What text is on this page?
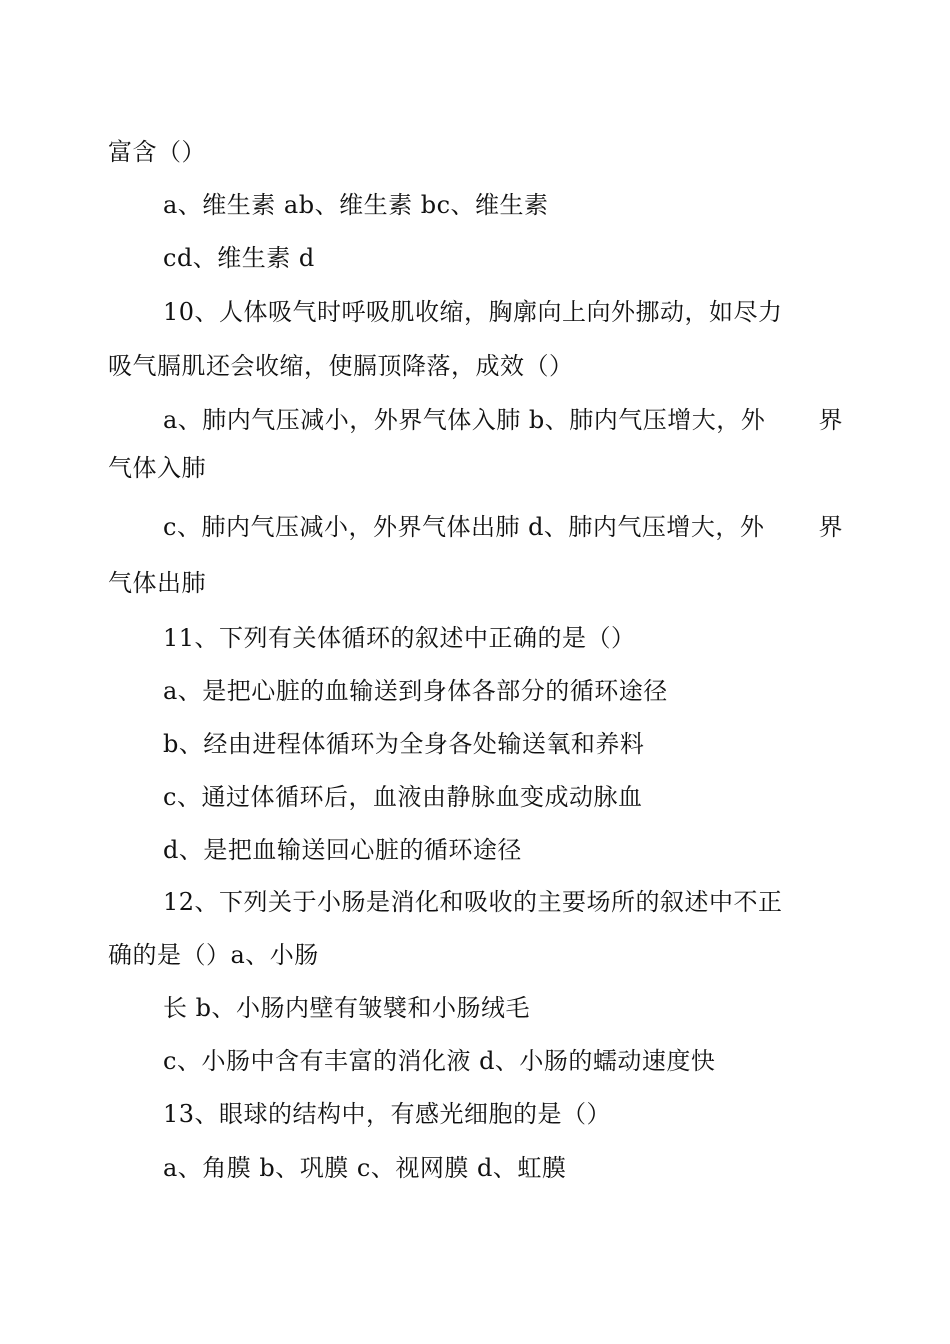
富含（）
a、维生素 ab、维生素 bc、维生素
cd、维生素 d
10、人体吸气时呼吸肌收缩，胸廓向上向外挪动，如尽力
吸气膈肌还会收缩，使膈顶降落，成效（）
a、肺内气压减小，外界气体入肺 b、肺内气压增大，外 界
气体入肺
c、肺内气压减小，外界气体出肺 d、肺内气压增大，外 界
气体出肺
11、下列有关体循环的叙述中正确的是（）
a、是把心脏的血输送到身体各部分的循环途径
b、经由进程体循环为全身各处输送氧和养料
c、通过体循环后，血液由静脉血变成动脉血
d、是把血输送回心脏的循环途径
12、下列关于小肠是消化和吸收的主要场所的叙述中不正
确的是（）a、小肠
长 b、小肠内壁有皱襞和小肠绒毛
c、小肠中含有丰富的消化液 d、小肠的蠕动速度快
13、眼球的结构中，有感光细胞的是（）
a、角膜 b、巩膜 c、视网膜 d、虹膜
